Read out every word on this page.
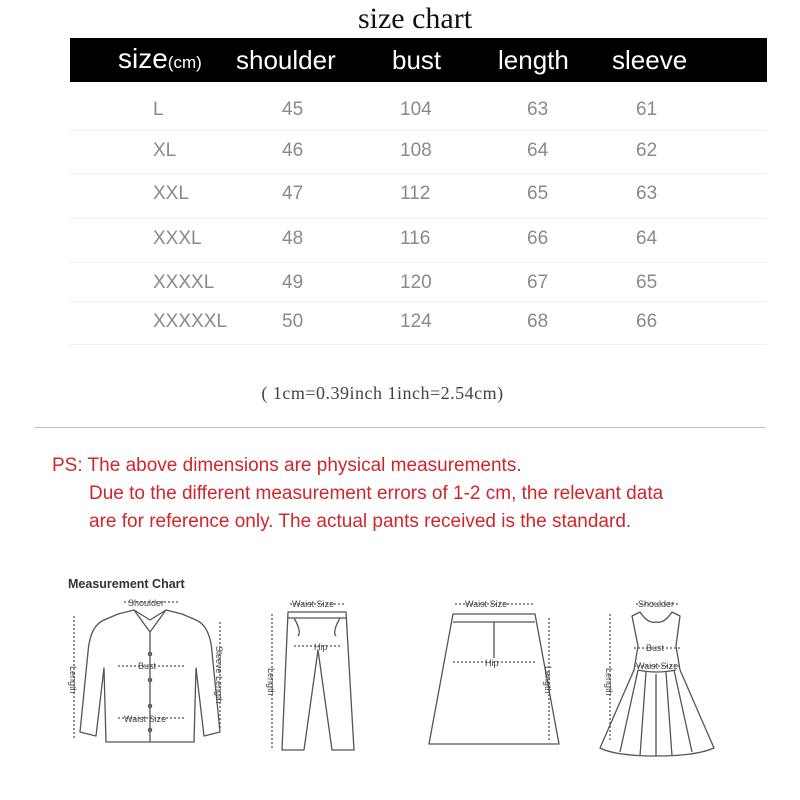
size chart
size(cm) shoulder bust length sleeve
L	45	104	63	61
XL	46	108	64	62
XXL	47	112	65	63
XXXL	48	116	66	64
XXXXL	49	120	67	65
XXXXXL	50	124	68	66
( 1cm=0.39inch 1inch=2.54cm)
PS: The above dimensions are physical measurements.
Due to the different measurement errors of 1-2 cm, the relevant data
are for reference only. The actual pants received is the standard.
Measurement Chart
Shoulder
Bust
Waist Size
Length	Sleeve Length
Waist Size
Hip
Length
Waist Size
Hip
Length
Shoulder
Bust
Waist Size
Length
